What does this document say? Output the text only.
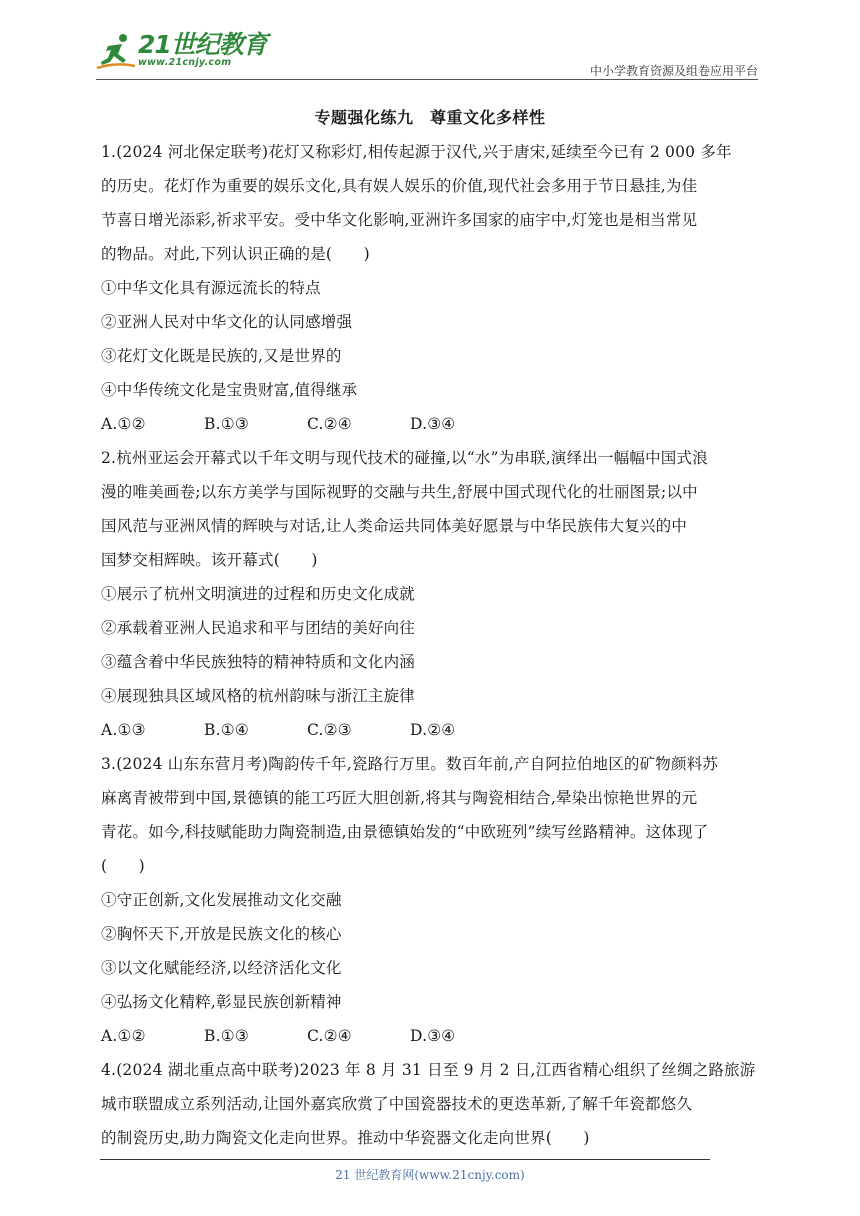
21世纪教育
www.21cnjy.com
中小学教育资源及组卷应用平台
专题强化练九　尊重文化多样性
1.(2024 河北保定联考)花灯又称彩灯,相传起源于汉代,兴于唐宋,延续至今已有 2 000 多年
的历史。花灯作为重要的娱乐文化,具有娱人娱乐的价值,现代社会多用于节日悬挂,为佳
节喜日增光添彩,祈求平安。受中华文化影响,亚洲许多国家的庙宇中,灯笼也是相当常见
的物品。对此,下列认识正确的是(　　)
①中华文化具有源远流长的特点
②亚洲人民对中华文化的认同感增强
③花灯文化既是民族的,又是世界的
④中华传统文化是宝贵财富,值得继承
A.①②	B.①③	C.②④	D.③④
2.杭州亚运会开幕式以千年文明与现代技术的碰撞,以“水”为串联,演绎出一幅幅中国式浪
漫的唯美画卷;以东方美学与国际视野的交融与共生,舒展中国式现代化的壮丽图景;以中
国风范与亚洲风情的辉映与对话,让人类命运共同体美好愿景与中华民族伟大复兴的中
国梦交相辉映。该开幕式(　　)
①展示了杭州文明演进的过程和历史文化成就
②承载着亚洲人民追求和平与团结的美好向往
③蕴含着中华民族独特的精神特质和文化内涵
④展现独具区域风格的杭州韵味与浙江主旋律
A.①③	B.①④	C.②③	D.②④
3.(2024 山东东营月考)陶韵传千年,瓷路行万里。数百年前,产自阿拉伯地区的矿物颜料苏
麻离青被带到中国,景德镇的能工巧匠大胆创新,将其与陶瓷相结合,晕染出惊艳世界的元
青花。如今,科技赋能助力陶瓷制造,由景德镇始发的“中欧班列”续写丝路精神。这体现了
(　　)
①守正创新,文化发展推动文化交融
②胸怀天下,开放是民族文化的核心
③以文化赋能经济,以经济活化文化
④弘扬文化精粹,彰显民族创新精神
A.①②	B.①③	C.②④	D.③④
4.(2024 湖北重点高中联考)2023 年 8 月 31 日至 9 月 2 日,江西省精心组织了丝绸之路旅游
城市联盟成立系列活动,让国外嘉宾欣赏了中国瓷器技术的更迭革新,了解千年瓷都悠久
的制瓷历史,助力陶瓷文化走向世界。推动中华瓷器文化走向世界(　　)
21 世纪教育网(www.21cnjy.com)
